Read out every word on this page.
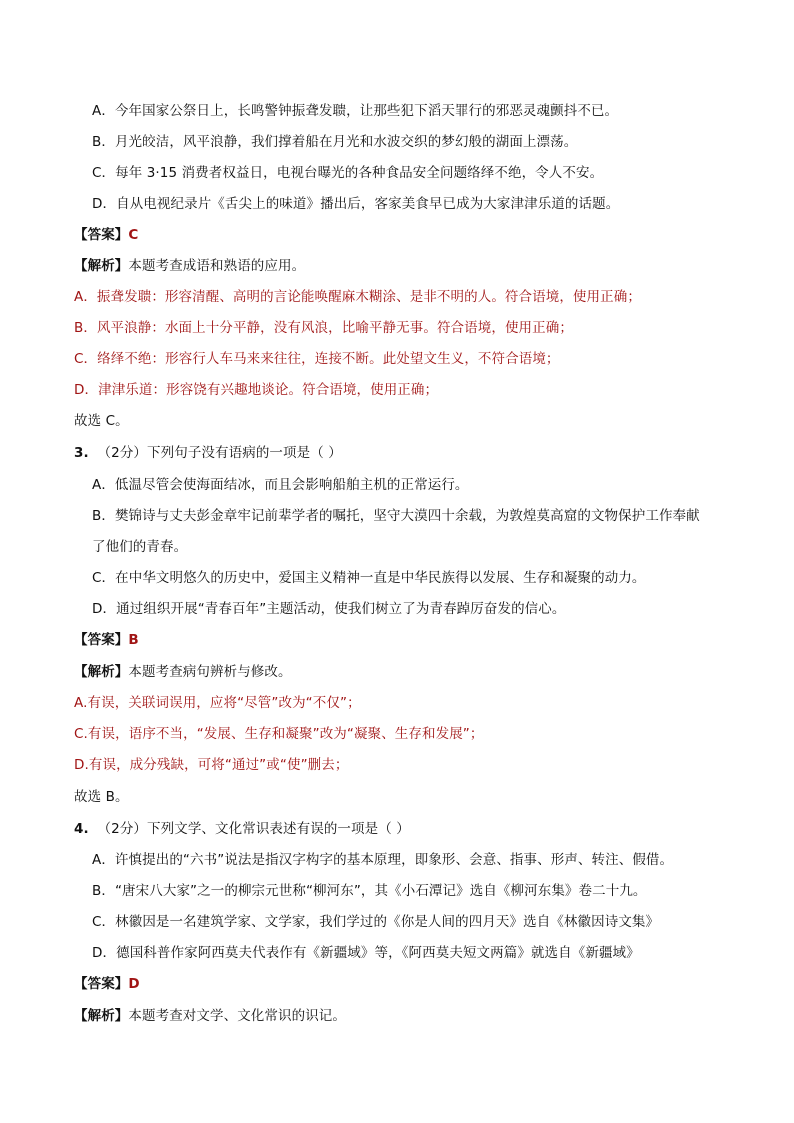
A．今年国家公祭日上，长鸣警钟振聋发聩，让那些犯下滔天罪行的邪恶灵魂颤抖不已。
B．月光皎洁，风平浪静，我们撑着船在月光和水波交织的梦幻般的湖面上漂荡。
C．每年 3·15 消费者权益日，电视台曝光的各种食品安全问题络绎不绝，令人不安。
D．自从电视纪录片《舌尖上的味道》播出后，客家美食早已成为大家津津乐道的话题。
【答案】C
【解析】本题考查成语和熟语的应用。
A．振聋发聩：形容清醒、高明的言论能唤醒麻木糊涂、是非不明的人。符合语境，使用正确；
B．风平浪静：水面上十分平静，没有风浪，比喻平静无事。符合语境，使用正确；
C．络绎不绝：形容行人车马来来往往，连接不断。此处望文生义，不符合语境；
D．津津乐道：形容饶有兴趣地谈论。符合语境，使用正确；
故选 C。
3. （2分）下列句子没有语病的一项是（ ）
A．低温尽管会使海面结冰，而且会影响船舶主机的正常运行。
B．樊锦诗与丈夫彭金章牢记前辈学者的嘱托，坚守大漠四十余载，为敦煌莫高窟的文物保护工作奉献
了他们的青春。
C．在中华文明悠久的历史中，爱国主义精神一直是中华民族得以发展、生存和凝聚的动力。
D．通过组织开展“青春百年”主题活动，使我们树立了为青春踔厉奋发的信心。
【答案】B
【解析】本题考查病句辨析与修改。
A.有误，关联词误用，应将“尽管”改为“不仅”；
C.有误，语序不当，“发展、生存和凝聚”改为“凝聚、生存和发展”；
D.有误，成分残缺，可将“通过”或“使”删去；
故选 B。
4. （2分）下列文学、文化常识表述有误的一项是（ ）
A．许慎提出的“六书”说法是指汉字构字的基本原理，即象形、会意、指事、形声、转注、假借。
B．“唐宋八大家”之一的柳宗元世称“柳河东”，其《小石潭记》选自《柳河东集》卷二十九。
C．林徽因是一名建筑学家、文学家，我们学过的《你是人间的四月天》选自《林徽因诗文集》
D．德国科普作家阿西莫夫代表作有《新疆域》等，《阿西莫夫短文两篇》就选自《新疆域》
【答案】D
【解析】本题考查对文学、文化常识的识记。
